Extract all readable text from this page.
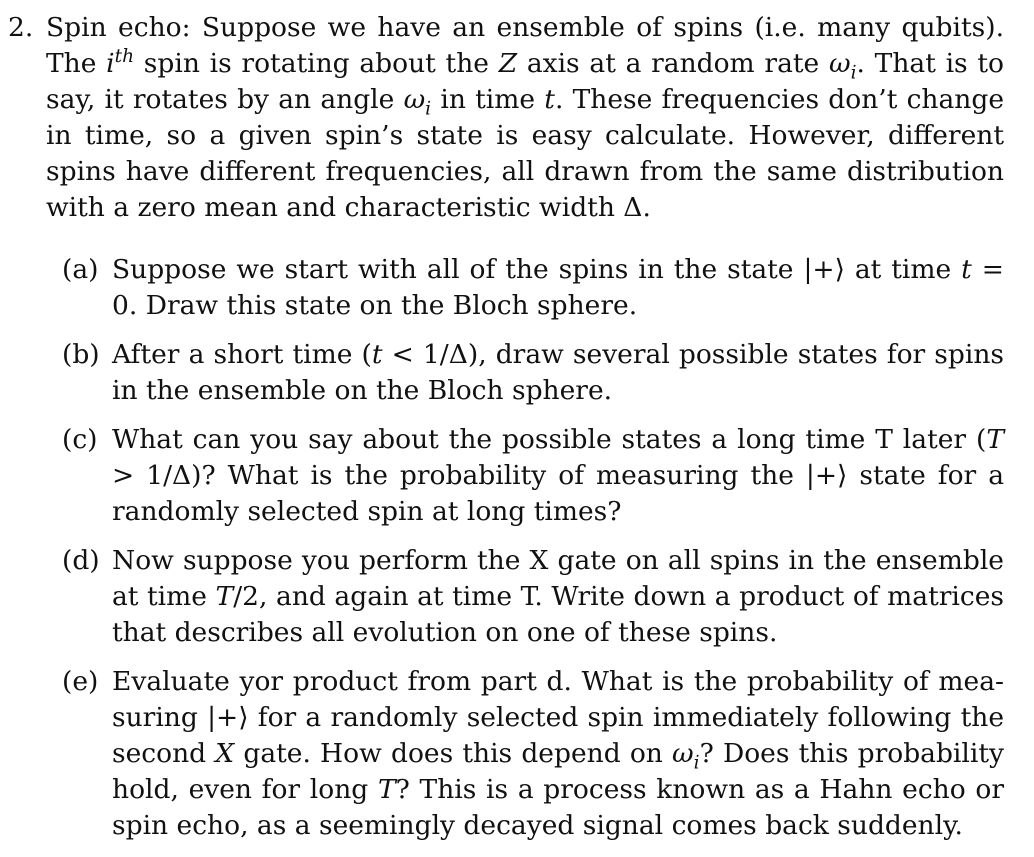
2. Spin echo: Suppose we have an ensemble of spins (i.e. many qubits). The $i^{th}$ spin is rotating about the Z axis at a random rate $\omega_i$. That is to say, it rotates by an angle $\omega_i$ in time t. These frequencies don’t change in time, so a given spin’s state is easy calculate. However, different spins have different frequencies, all drawn from the same distribution with a zero mean and characteristic width Δ.
(a) Suppose we start with all of the spins in the state |+⟩ at time t = 0. Draw this state on the Bloch sphere.
(b) After a short time (t < 1/Δ), draw several possible states for spins in the ensemble on the Bloch sphere.
(c) What can you say about the possible states a long time T later (T > 1/Δ)? What is the probability of measuring the |+⟩ state for a randomly selected spin at long times?
(d) Now suppose you perform the X gate on all spins in the ensemble at time T/2, and again at time T. Write down a product of matrices that describes all evolution on one of these spins.
(e) Evaluate yor product from part d. What is the probability of measuring |+⟩ for a randomly selected spin immediately following the second X gate. How does this depend on $\omega_i$? Does this probability hold, even for long T? This is a process known as a Hahn echo or spin echo, as a seemingly decayed signal comes back suddenly.
